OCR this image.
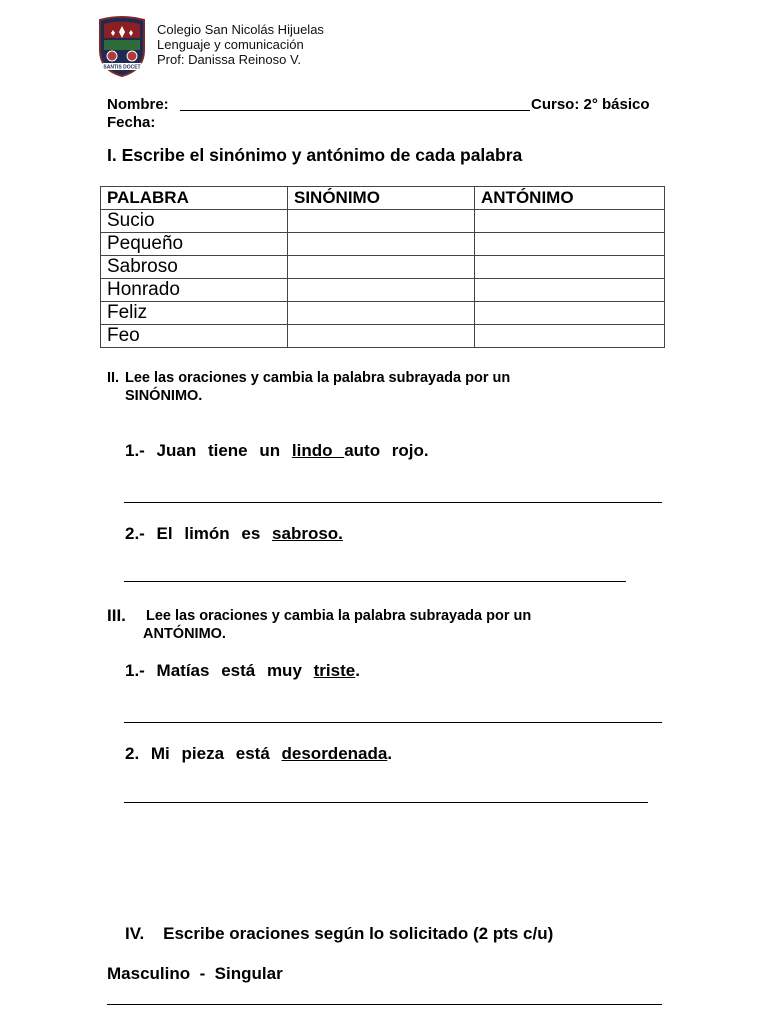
SANTIS DOCET
Colegio San Nicolás Hijuelas
Lenguaje y comunicación
Prof: Danissa Reinoso V.
Nombre:	Curso: 2° básico
Fecha:
I. Escribe el sinónimo y antónimo de cada palabra
PALABRA	SINÓNIMO	ANTÓNIMO
Sucio		
Pequeño		
Sabroso		
Honrado		
Feliz		
Feo		
II. Lee las oraciones y cambia la palabra subrayada por un
SINÓNIMO.
1.- Juan tiene un lindo auto rojo.
2.- El limón es sabroso.
III. Lee las oraciones y cambia la palabra subrayada por un
ANTÓNIMO.
1.- Matías está muy triste.
2. Mi pieza está desordenada.
IV.    Escribe oraciones según lo solicitado (2 pts c/u)
Masculino  -  Singular
